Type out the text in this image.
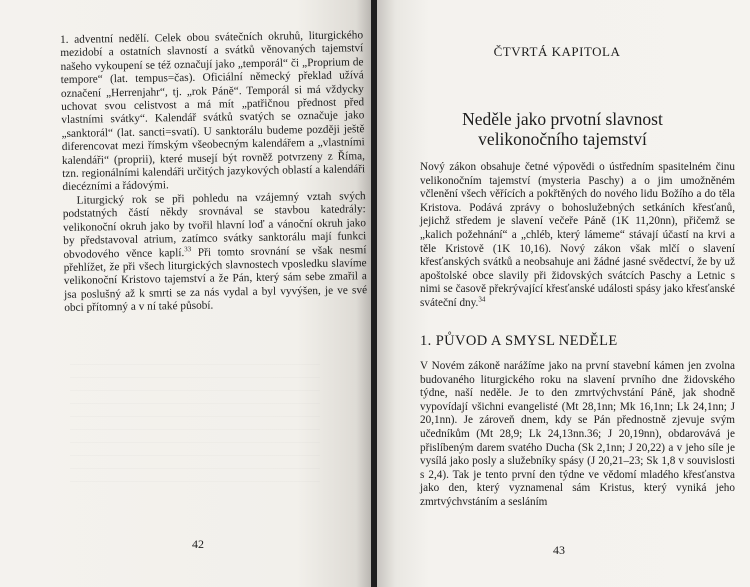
1. adventní nedělí. Celek obou svátečních okruhů, liturgického mezidobí a ostatních slavností a svátků věnovaných tajemství našeho vykoupení se též označují jako „temporál“ či „Proprium de tempore“ (lat. tempus=čas). Oficiální německý překlad užívá označení „Herrenjahr“, tj. „rok Páně“. Temporál si má vždycky uchovat svou celistvost a má mít „patřičnou přednost před vlastními svátky“. Kalendář svátků svatých se označuje jako „sanktorál“ (lat. sancti=svatí). U sanktorálu budeme později ještě diferencovat mezi římským všeobecným kalendářem a „vlastními kalendáři“ (proprii), které musejí být rovněž potvrzeny z Říma, tzn. regionálními kalendáři určitých jazykových oblastí a kalendáři diecézními a řádovými.

Liturgický rok se při pohledu na vzájemný vztah svých podstatných částí někdy srovnával se stavbou katedrály: velikonoční okruh jako by tvořil hlavní loď a vánoční okruh jako by představoval atrium, zatímco svátky sanktorálu mají funkci obvodového věnce kaplí.$^{33}$ Při tomto srovnání se však nesmí přehlížet, že při všech liturgických slavnostech vposledku slavíme velikonoční Kristovo tajemství a že Pán, který sám sebe zmařil a jsa poslušný až k smrti se za nás vydal a byl vyvýšen, je ve své obci přítomný a v ní také působí.

42
ČTVRTÁ KAPITOLA
Neděle jako prvotní slavnost
velikonočního tajemství

Nový zákon obsahuje četné výpovědi o ústředním spasitelném činu velikonočním tajemství (mysteria Paschy) a o jim umožněném včlenění všech věřících a pokřtěných do nového lidu Božího a do těla Kristova. Podává zprávy o bohoslužebných setkáních křesťanů, jejichž středem je slavení večeře Páně (1K 11,20nn), přičemž se „kalich požehnání“ a „chléb, který lámeme“ stávají účastí na krvi a těle Kristově (1K 10,16). Nový zákon však mlčí o slavení křesťanských svátků a neobsahuje ani žádné jasné svědectví, že by už apoštolské obce slavily při židovských svátcích Paschy a Letnic s nimi se časově překrývající křesťanské události spásy jako křesťanské sváteční dny.$^{34}$

1. PŮVOD A SMYSL NEDĚLE

V Novém zákoně narážíme jako na první stavební kámen jen zvolna budovaného liturgického roku na slavení prvního dne židovského týdne, naší neděle. Je to den zmrtvýchvstání Páně, jak shodně vypovídají všichni evangelisté (Mt 28,1nn; Mk 16,1nn; Lk 24,1nn; J 20,1nn). Je zároveň dnem, kdy se Pán přednostně zjevuje svým učedníkům (Mt 28,9; Lk 24,13nn.36; J 20,19nn), obdarovává je přislíbeným darem svatého Ducha (Sk 2,1nn; J 20,22) a v jeho síle je vysílá jako posly a služebníky spásy (J 20,21–23; Sk 1,8 v souvislosti s 2,4). Tak je tento první den týdne ve vědomí mladého křesťanstva jako den, který vyznamenal sám Kristus, který vyniká jeho zmrtvýchvstáním a sesláním

43
